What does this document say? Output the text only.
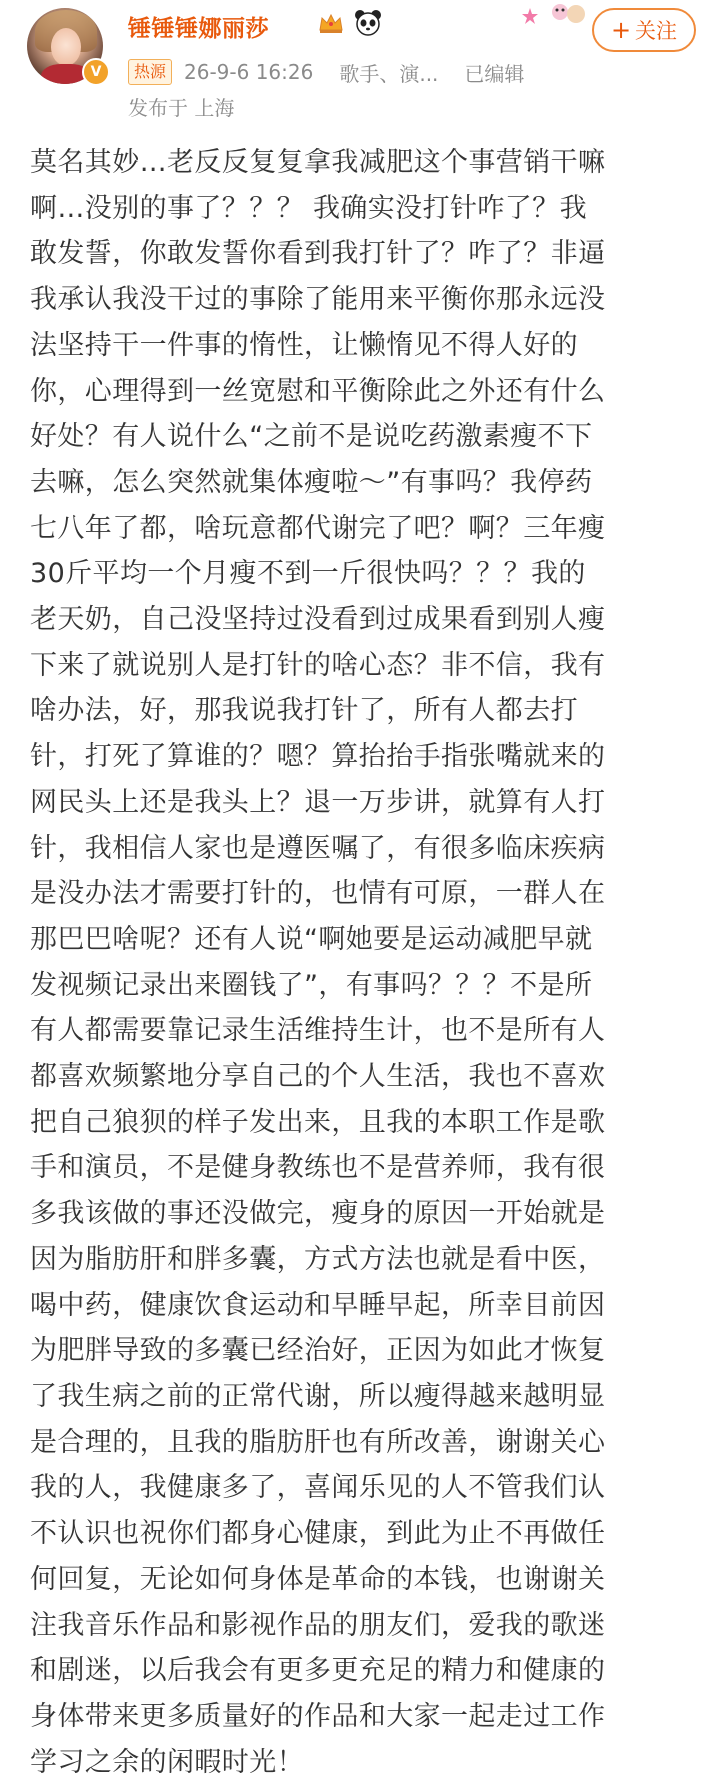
V
锤锤锤娜丽莎
热源 26-9-6 16:26 歌手、演... 已编辑
发布于 上海
+ 关注
莫名其妙…老反反复复拿我减肥这个事营销干嘛
啊…没别的事了？？？ 我确实没打针咋了？我
敢发誓，你敢发誓你看到我打针了？咋了？非逼
我承认我没干过的事除了能用来平衡你那永远没
法坚持干一件事的惰性，让懒惰见不得人好的
你，心理得到一丝宽慰和平衡除此之外还有什么
好处？有人说什么“之前不是说吃药激素瘦不下
去嘛，怎么突然就集体瘦啦～”有事吗？我停药
七八年了都，啥玩意都代谢完了吧？啊？三年瘦
30斤平均一个月瘦不到一斤很快吗？？？我的
老天奶，自己没坚持过没看到过成果看到别人瘦
下来了就说别人是打针的啥心态？非不信，我有
啥办法，好，那我说我打针了，所有人都去打
针，打死了算谁的？嗯？算抬抬手指张嘴就来的
网民头上还是我头上？退一万步讲，就算有人打
针，我相信人家也是遵医嘱了，有很多临床疾病
是没办法才需要打针的，也情有可原，一群人在
那巴巴啥呢？还有人说“啊她要是运动减肥早就
发视频记录出来圈钱了”，有事吗？？？不是所
有人都需要靠记录生活维持生计，也不是所有人
都喜欢频繁地分享自己的个人生活，我也不喜欢
把自己狼狈的样子发出来，且我的本职工作是歌
手和演员，不是健身教练也不是营养师，我有很
多我该做的事还没做完，瘦身的原因一开始就是
因为脂肪肝和胖多囊，方式方法也就是看中医，
喝中药，健康饮食运动和早睡早起，所幸目前因
为肥胖导致的多囊已经治好，正因为如此才恢复
了我生病之前的正常代谢，所以瘦得越来越明显
是合理的，且我的脂肪肝也有所改善，谢谢关心
我的人，我健康多了，喜闻乐见的人不管我们认
不认识也祝你们都身心健康，到此为止不再做任
何回复，无论如何身体是革命的本钱，也谢谢关
注我音乐作品和影视作品的朋友们，爱我的歌迷
和剧迷，以后我会有更多更充足的精力和健康的
身体带来更多质量好的作品和大家一起走过工作
学习之余的闲暇时光！
